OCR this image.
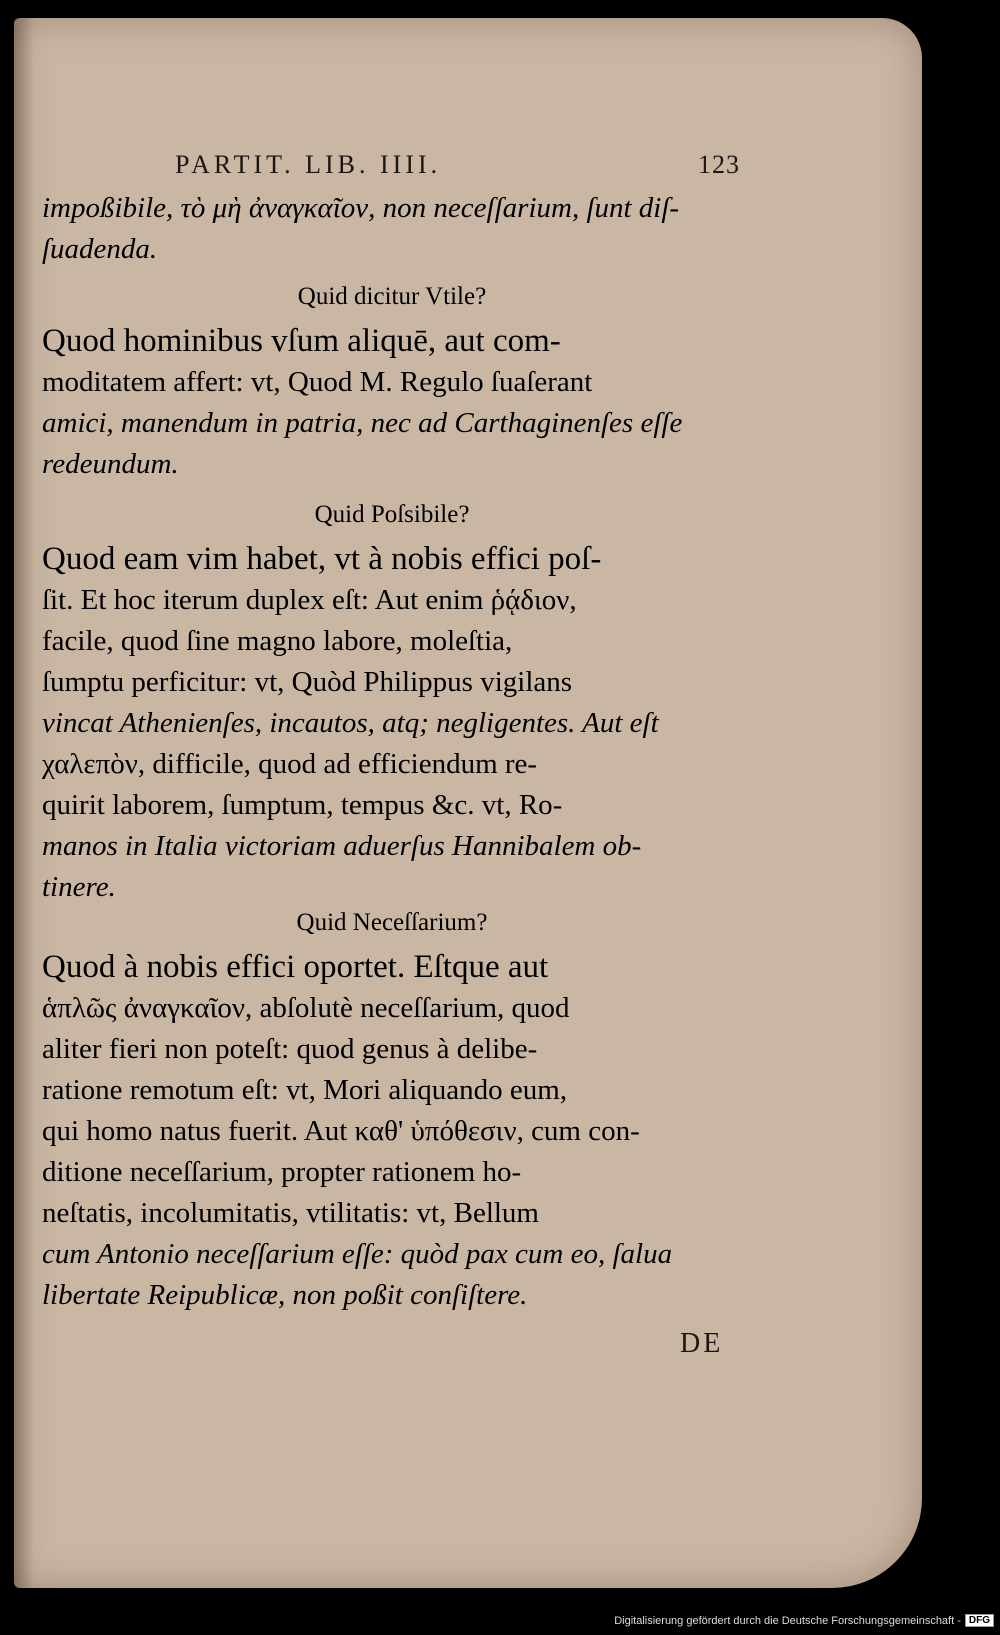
PARTIT. LIB. IIII.	123

impoßibile, τὸ μὴ ἀναγκαῖον, non neceſſarium, ſunt diſ-

ſuadenda.

Quid dicitur Vtile?

Quod hominibus vſum aliquē, aut com-

moditatem affert: vt, Quod M. Regulo ſuaſerant

amici, manendum in patria, nec ad Carthaginenſes eſſe

redeundum.

Quid Poſsibile?

Quod eam vim habet, vt à nobis effici poſ-

ſit. Et hoc iterum duplex eſt: Aut enim ῥᾴδιον,

facile, quod ſine magno labore, moleſtia,

ſumptu perficitur: vt, Quòd Philippus vigilans

vincat Athenienſes, incautos, atq; negligentes. Aut eſt

χαλεπὸν, difficile, quod ad efficiendum re-

quirit laborem, ſumptum, tempus &c. vt, Ro-

manos in Italia victoriam aduerſus Hannibalem ob-

tinere.

Quid Neceſſarium?

Quod à nobis effici oportet. Eſtque aut

ἁπλῶς ἀναγκαῖον, abſolutè neceſſarium, quod

aliter fieri non poteſt: quod genus à delibe-

ratione remotum eſt: vt, Mori aliquando eum,

qui homo natus fuerit. Aut καθ' ὑπόθεσιν, cum con-

ditione neceſſarium, propter rationem ho-

neſtatis, incolumitatis, vtilitatis: vt, Bellum

cum Antonio neceſſarium eſſe: quòd pax cum eo, ſalua

libertate Reipublicæ, non poßit conſiſtere.

DE
Digitalisierung gefördert durch die Deutsche Forschungsgemeinschaft - DFG
